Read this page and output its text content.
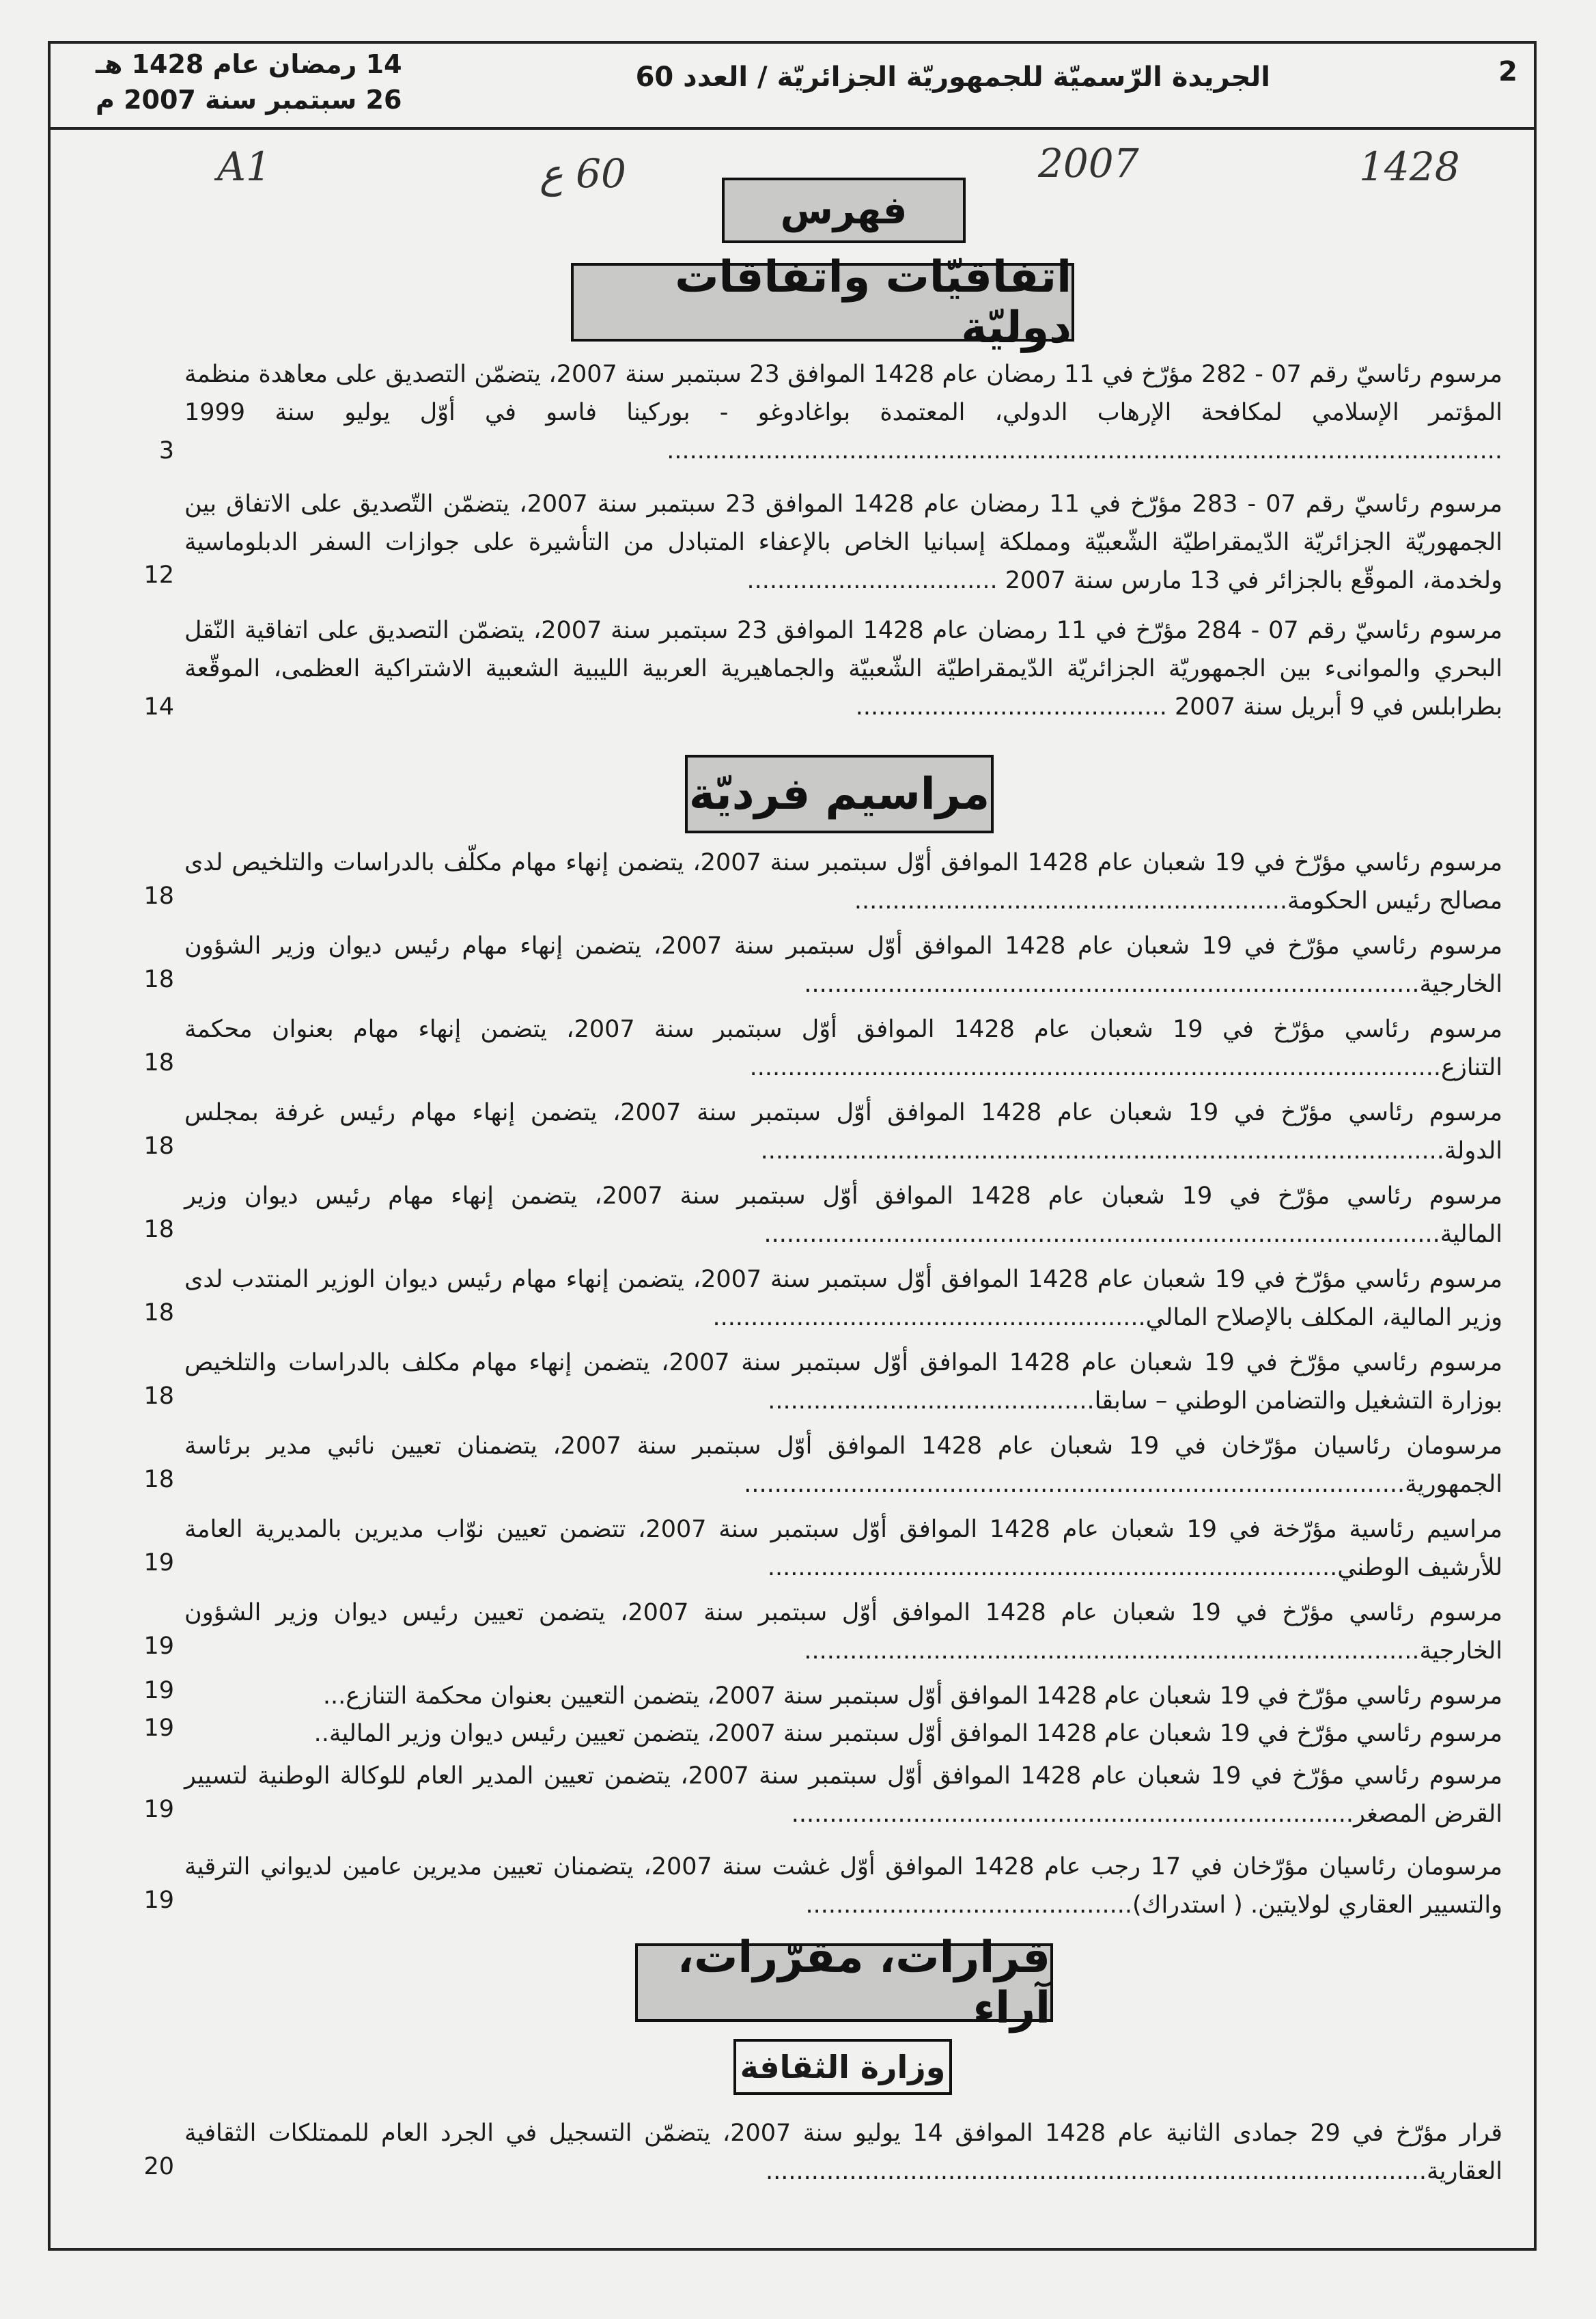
2
الجريدة الرّسميّة للجمهوريّة الجزائريّة / العدد 60
14 رمضان عام 1428 هـ
26 سبتمبر سنة 2007 م
A1	60 ع	2007	1428
فهرس
اتفاقيّات واتفاقات دوليّة
مرسوم رئاسيّ رقم 07 - 282 مؤرّخ في 11 رمضان عام 1428 الموافق 23 سبتمبر سنة 2007، يتضمّن التصديق على معاهدة منظمة المؤتمر الإسلامي لمكافحة الإرهاب الدولي، المعتمدة بواغادوغو - بوركينا فاسو في أوّل يوليو سنة 1999 ..............................................................................................................
3
مرسوم رئاسيّ رقم 07 - 283 مؤرّخ في 11 رمضان عام 1428 الموافق 23 سبتمبر سنة 2007، يتضمّن التّصديق على الاتفاق بين الجمهوريّة الجزائريّة الدّيمقراطيّة الشّعبيّة ومملكة إسبانيا الخاص بالإعفاء المتبادل من التأشيرة على جوازات السفر الدبلوماسية ولخدمة، الموقّع بالجزائر في 13 مارس سنة 2007 .................................
12
مرسوم رئاسيّ رقم 07 - 284 مؤرّخ في 11 رمضان عام 1428 الموافق 23 سبتمبر سنة 2007، يتضمّن التصديق على اتفاقية النّقل البحري والموانىء بين الجمهوريّة الجزائريّة الدّيمقراطيّة الشّعبيّة والجماهيرية العربية الليبية الشعبية الاشتراكية العظمى، الموقّعة بطرابلس في 9 أبريل سنة 2007 .........................................
14
مراسيم فرديّة
مرسوم رئاسي مؤرّخ في 19 شعبان عام 1428 الموافق أوّل سبتمبر سنة 2007، يتضمن إنهاء مهام مكلّف بالدراسات والتلخيص لدى مصالح رئيس الحكومة.........................................................
18
مرسوم رئاسي مؤرّخ في 19 شعبان عام 1428 الموافق أوّل سبتمبر سنة 2007، يتضمن إنهاء مهام رئيس ديوان وزير الشؤون الخارجية.................................................................................
18
مرسوم رئاسي مؤرّخ في 19 شعبان عام 1428 الموافق أوّل سبتمبر سنة 2007، يتضمن إنهاء مهام بعنوان محكمة التنازع...........................................................................................
18
مرسوم رئاسي مؤرّخ في 19 شعبان عام 1428 الموافق أوّل سبتمبر سنة 2007، يتضمن إنهاء مهام رئيس غرفة بمجلس الدولة..........................................................................................
18
مرسوم رئاسي مؤرّخ في 19 شعبان عام 1428 الموافق أوّل سبتمبر سنة 2007، يتضمن إنهاء مهام رئيس ديوان وزير المالية.........................................................................................
18
مرسوم رئاسي مؤرّخ في 19 شعبان عام 1428 الموافق أوّل سبتمبر سنة 2007، يتضمن إنهاء مهام رئيس ديوان الوزير المنتدب لدى وزير المالية، المكلف بالإصلاح المالي.........................................................
18
مرسوم رئاسي مؤرّخ في 19 شعبان عام 1428 الموافق أوّل سبتمبر سنة 2007، يتضمن إنهاء مهام مكلف بالدراسات والتلخيص بوزارة التشغيل والتضامن الوطني – سابقا...........................................
18
مرسومان رئاسيان مؤرّخان في 19 شعبان عام 1428 الموافق أوّل سبتمبر سنة 2007، يتضمنان تعيين نائبي مدير برئاسة الجمهورية.......................................................................................
18
مراسيم رئاسية مؤرّخة في 19 شعبان عام 1428 الموافق أوّل سبتمبر سنة 2007، تتضمن تعيين نوّاب مديرين بالمديرية العامة للأرشيف الوطني...........................................................................
19
مرسوم رئاسي مؤرّخ في 19 شعبان عام 1428 الموافق أوّل سبتمبر سنة 2007، يتضمن تعيين رئيس ديوان وزير الشؤون الخارجية.................................................................................
19
مرسوم رئاسي مؤرّخ في 19 شعبان عام 1428 الموافق أوّل سبتمبر سنة 2007، يتضمن التعيين بعنوان محكمة التنازع...
19
مرسوم رئاسي مؤرّخ في 19 شعبان عام 1428 الموافق أوّل سبتمبر سنة 2007، يتضمن تعيين رئيس ديوان وزير المالية..
19
مرسوم رئاسي مؤرّخ في 19 شعبان عام 1428 الموافق أوّل سبتمبر سنة 2007، يتضمن تعيين المدير العام للوكالة الوطنية لتسيير القرض المصغر..........................................................................
19
مرسومان رئاسيان مؤرّخان في 17 رجب عام 1428 الموافق أوّل غشت سنة 2007، يتضمنان تعيين مديرين عامين لديواني الترقية والتسيير العقاري لولايتين. ( استدراك)...........................................
19
قرارات، مقرّرات، آراء
وزارة الثقافة
قرار مؤرّخ في 29 جمادى الثانية عام 1428 الموافق 14 يوليو سنة 2007، يتضمّن التسجيل في الجرد العام للممتلكات الثقافية العقارية.......................................................................................
20
